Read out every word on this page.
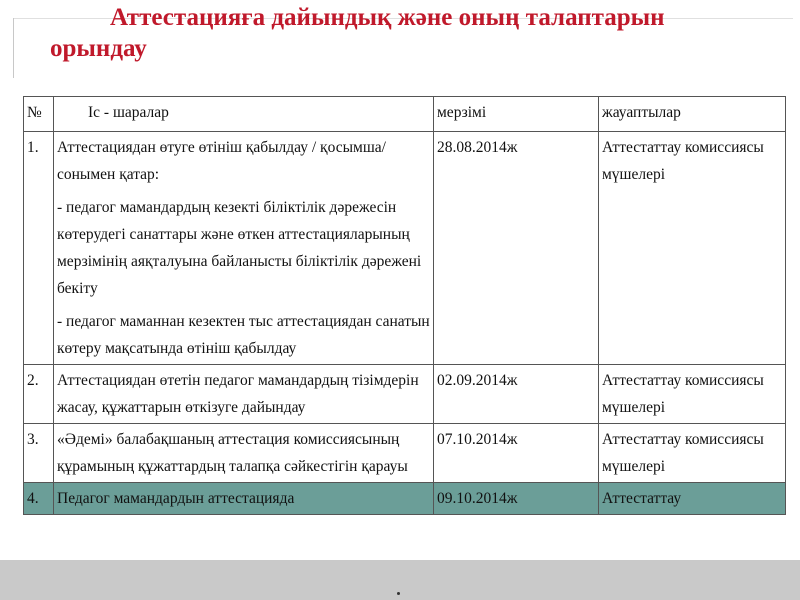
Аттестацияға дайындық және оның талаптарын
орындау
№	Іс - шаралар	мерзімі	жауаптылар
1.	Аттестациядан өтуге өтініш қабылдау / қосымша/ сонымен қатар:

- педагог мамандардың кезекті біліктілік дәрежесін көтерудегі санаттары және өткен аттестацияларының мерзімінің аяқталуына байланысты біліктілік дәрежені бекіту

- педагог маманнан кезектен тыс аттестациядан санатын көтеру мақсатында өтініш қабылдау	28.08.2014ж	Аттестаттау комиссиясы мүшелері
2.	Аттестациядан өтетін педагог мамандардың тізімдерін жасау, құжаттарын өткізуге дайындау	02.09.2014ж	Аттестаттау комиссиясы мүшелері
3.	«Әдемі» балабақшаның аттестация комиссиясының құрамының құжаттардың талапқа сәйкестігін қарауы	07.10.2014ж	Аттестаттау комиссиясы мүшелері
4.	Педагог мамандардын аттестацияда	09.10.2014ж	Аттестаттау
